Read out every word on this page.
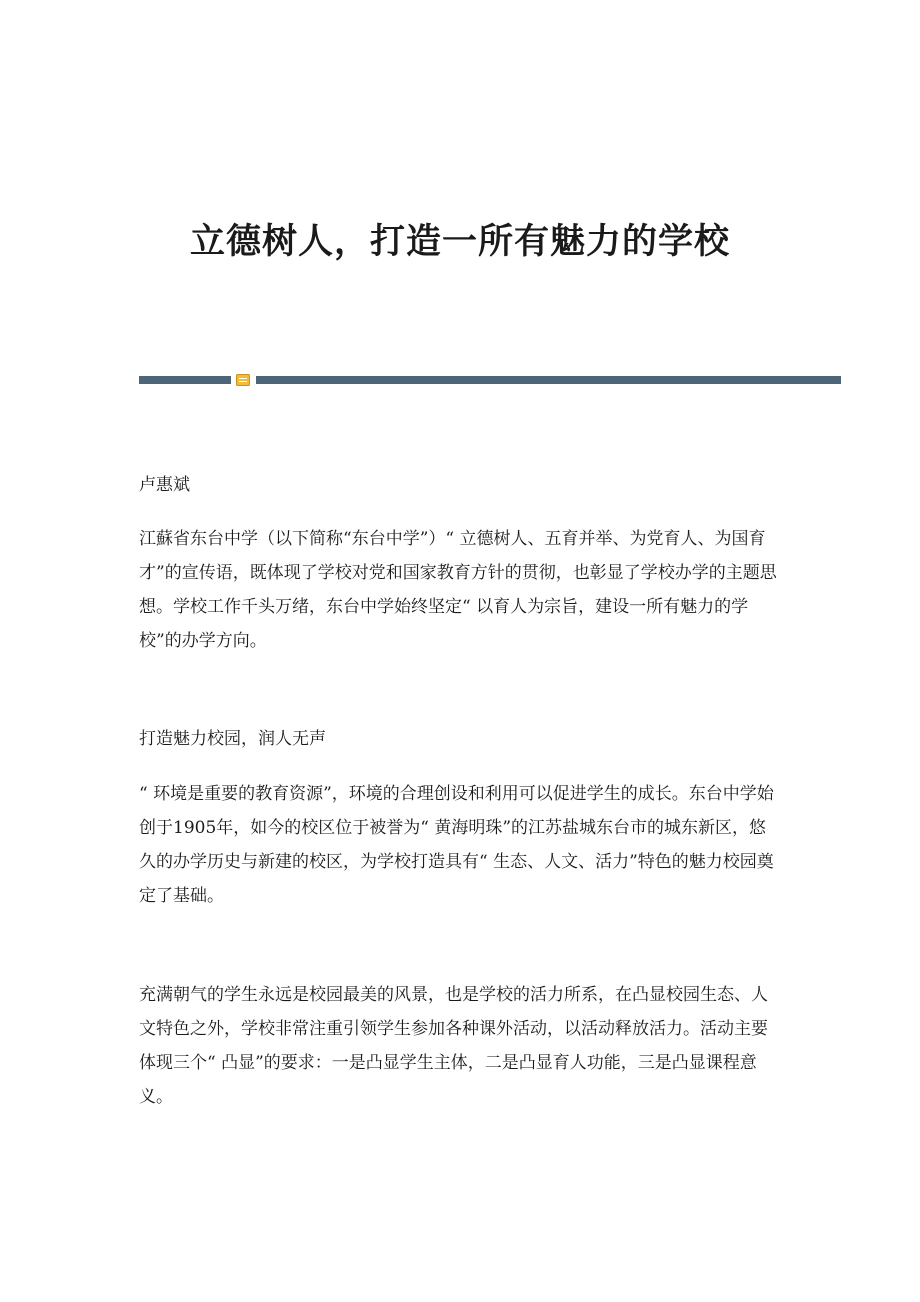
立德树人，打造一所有魅力的学校

卢惠斌

江蘇省东台中学（以下简称“东台中学”）“ 立德树人、五育并举、为党育人、为国育才”的宣传语，既体现了学校对党和国家教育方针的贯彻，也彰显了学校办学的主题思想。学校工作千头万绪，东台中学始终坚定“ 以育人为宗旨，建设一所有魅力的学校”的办学方向。

打造魅力校园，润人无声

“ 环境是重要的教育资源”，环境的合理创设和利用可以促进学生的成长。东台中学始创于1905年，如今的校区位于被誉为“ 黄海明珠”的江苏盐城东台市的城东新区，悠久的办学历史与新建的校区，为学校打造具有“ 生态、人文、活力”特色的魅力校园奠定了基础。

充满朝气的学生永远是校园最美的风景，也是学校的活力所系，在凸显校园生态、人文特色之外，学校非常注重引领学生参加各种课外活动，以活动释放活力。活动主要体现三个“ 凸显”的要求：一是凸显学生主体，二是凸显育人功能，三是凸显课程意义。
